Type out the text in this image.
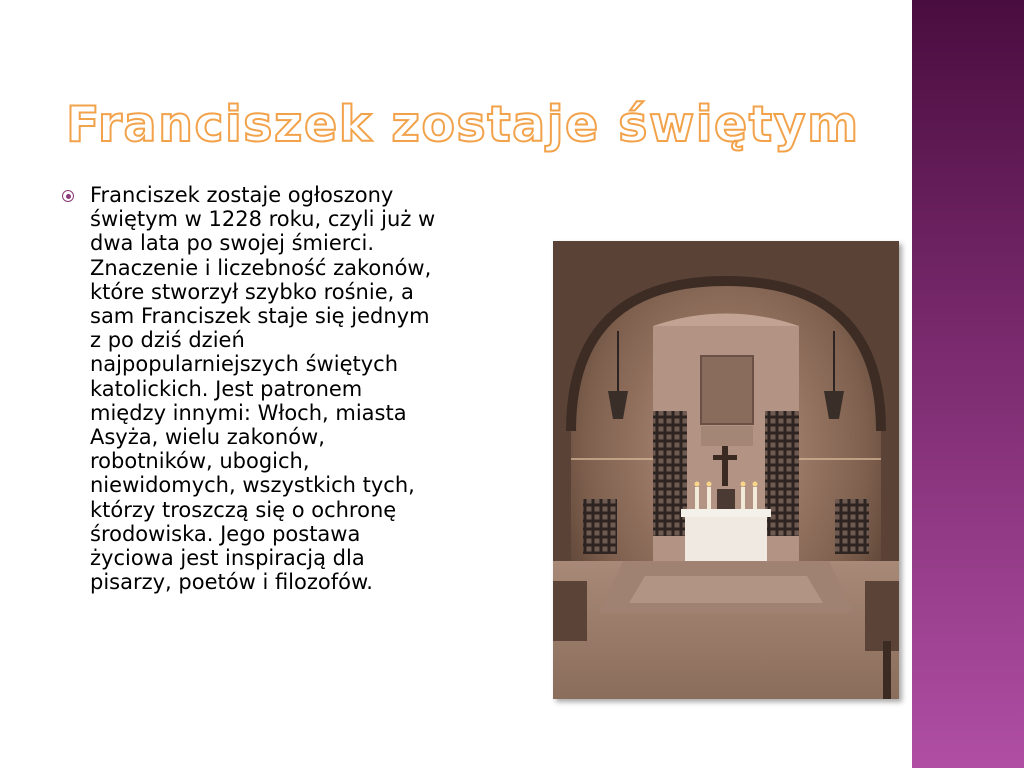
Franciszek zostaje świętym
Franciszek zostaje ogłoszony
świętym w 1228 roku, czyli już w
dwa lata po swojej śmierci.
Znaczenie i liczebność zakonów,
które stworzył szybko rośnie, a
sam Franciszek staje się jednym
z po dziś dzień
najpopularniejszych świętych
katolickich. Jest patronem
między innymi: Włoch, miasta
Asyża, wielu zakonów,
robotników, ubogich,
niewidomych, wszystkich tych,
którzy troszczą się o ochronę
środowiska. Jego postawa
życiowa jest inspiracją dla
pisarzy, poetów i filozofów.
